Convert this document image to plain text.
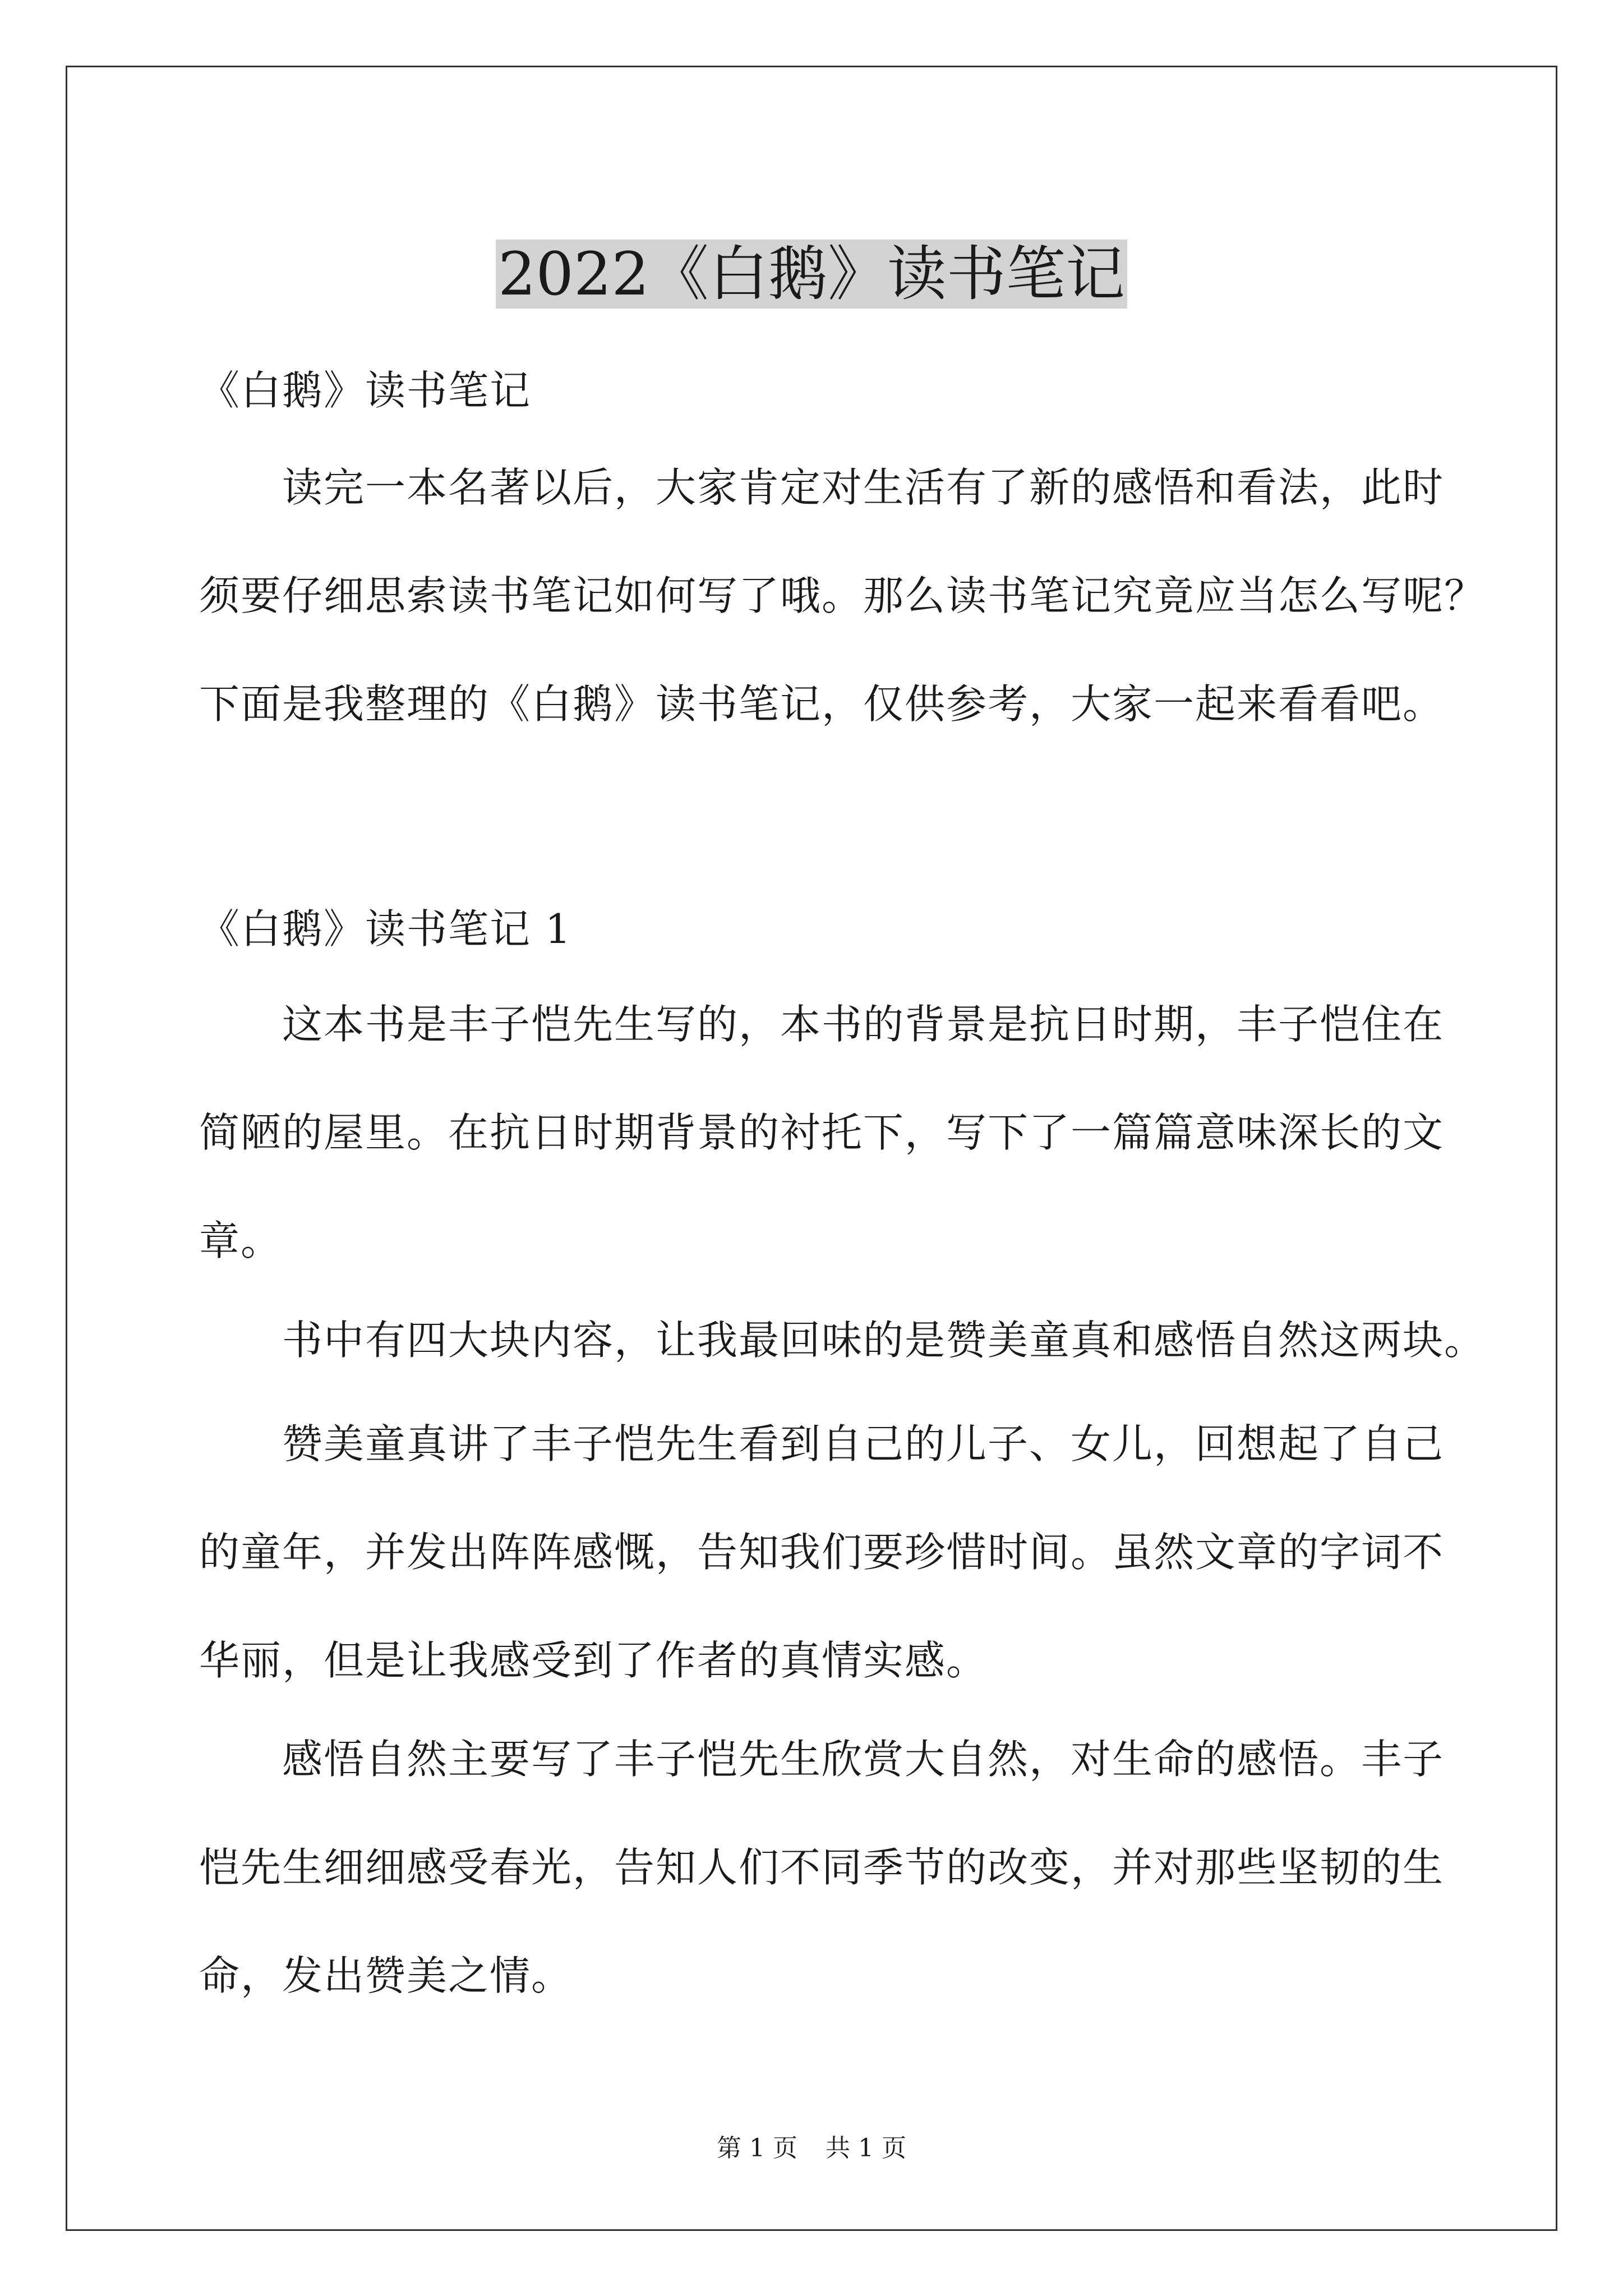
2022《白鹅》读书笔记

《白鹅》读书笔记

读完一本名著以后，大家肯定对生活有了新的感悟和看法，此时
须要仔细思索读书笔记如何写了哦。那么读书笔记究竟应当怎么写呢？
下面是我整理的《白鹅》读书笔记，仅供参考，大家一起来看看吧。

《白鹅》读书笔记 1

这本书是丰子恺先生写的，本书的背景是抗日时期，丰子恺住在
简陋的屋里。在抗日时期背景的衬托下，写下了一篇篇意味深长的文
章。

书中有四大块内容，让我最回味的是赞美童真和感悟自然这两块。

赞美童真讲了丰子恺先生看到自己的儿子、女儿，回想起了自己
的童年，并发出阵阵感慨，告知我们要珍惜时间。虽然文章的字词不
华丽，但是让我感受到了作者的真情实感。

感悟自然主要写了丰子恺先生欣赏大自然，对生命的感悟。丰子
恺先生细细感受春光，告知人们不同季节的改变，并对那些坚韧的生
命，发出赞美之情。

第 1 页 共 1 页
